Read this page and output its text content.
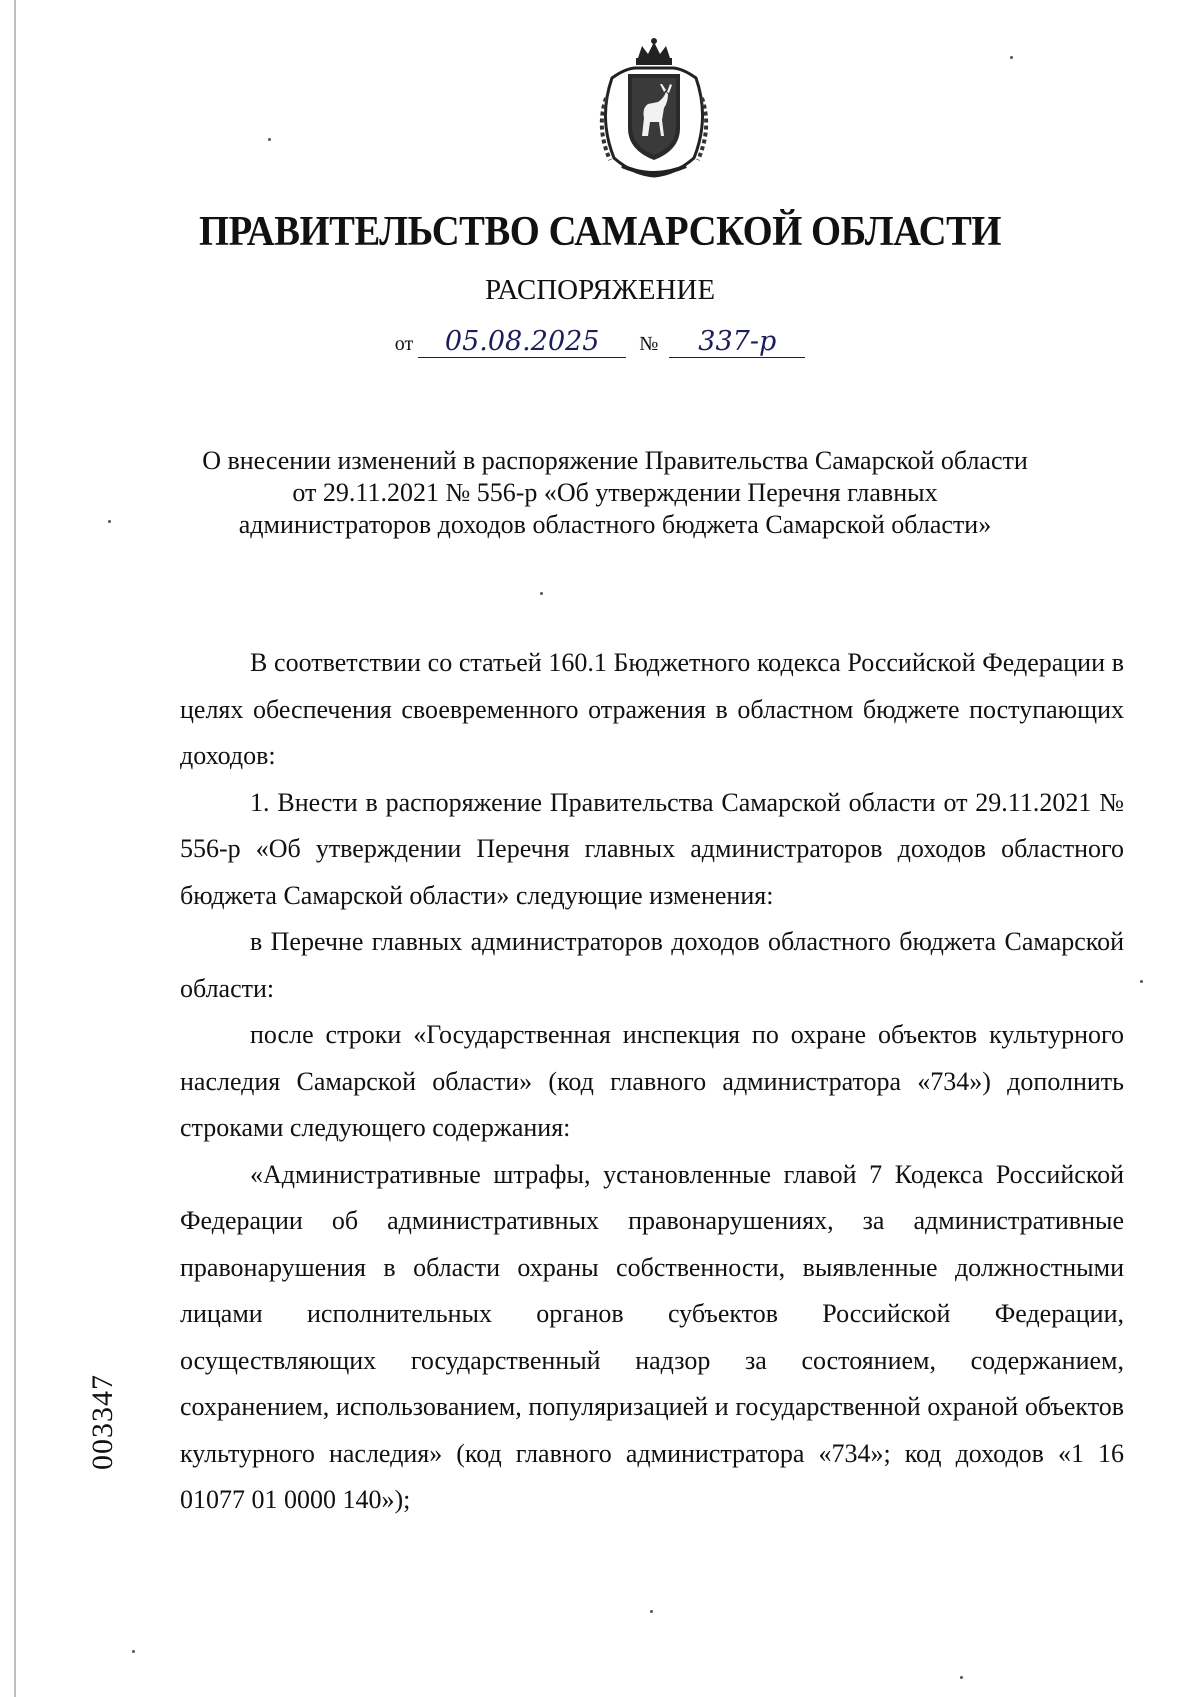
ПРАВИТЕЛЬСТВО САМАРСКОЙ ОБЛАСТИ
РАСПОРЯЖЕНИЕ
от 05.08.2025 № 337-р
О внесении изменений в распоряжение Правительства Самарской области
от 29.11.2021 № 556-р «Об утверждении Перечня главных
администраторов доходов областного бюджета Самарской области»

В соответствии со статьей 160.1 Бюджетного кодекса Российской Федерации в целях обеспечения своевременного отражения в областном бюджете поступающих доходов:

1. Внести в распоряжение Правительства Самарской области от 29.11.2021 № 556-р «Об утверждении Перечня главных администраторов доходов областного бюджета Самарской области» следующие изменения:

в Перечне главных администраторов доходов областного бюджета Самарской области:

после строки «Государственная инспекция по охране объектов культурного наследия Самарской области» (код главного администратора «734») дополнить строками следующего содержания:

«Административные штрафы, установленные главой 7 Кодекса Российской Федерации об административных правонарушениях, за административные правонарушения в области охраны собственности, выявленные должностными лицами исполнительных органов субъектов Российской Федерации, осуществляющих государственный надзор за состоянием, содержанием, сохранением, использованием, популяризацией и государственной охраной объектов культурного наследия» (код главного администратора «734»; код доходов «1 16 01077 01 0000 140»);

003347
